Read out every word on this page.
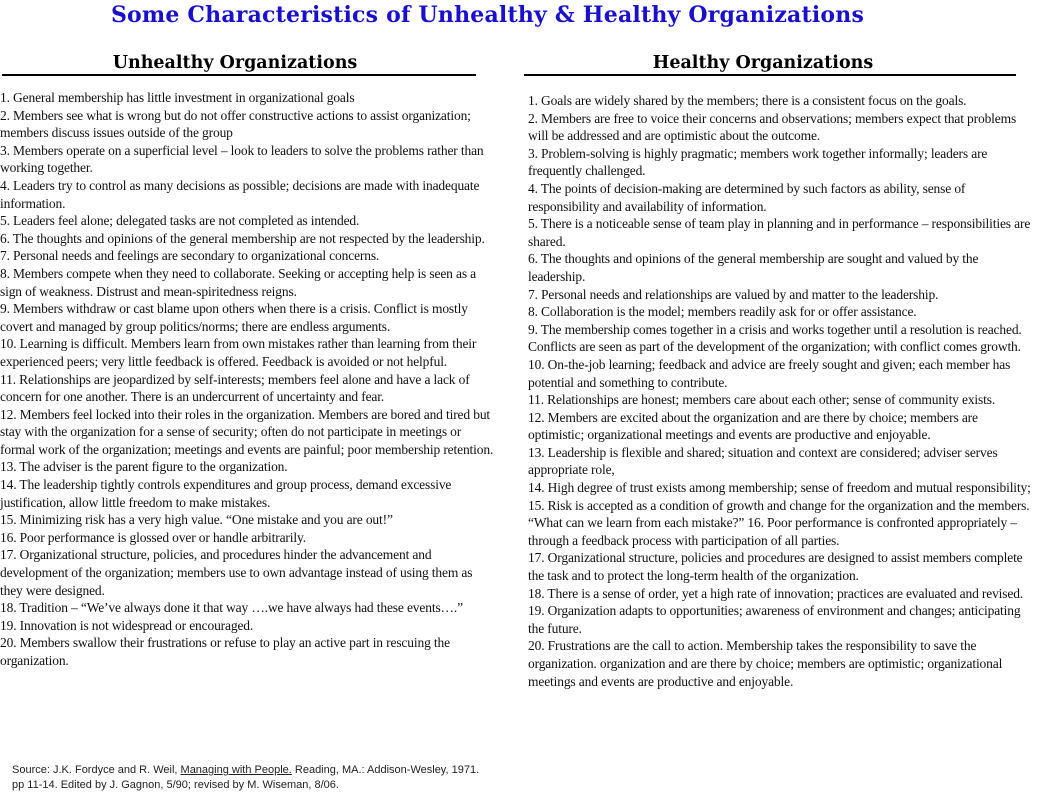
Some Characteristics of Unhealthy & Healthy Organizations
Unhealthy Organizations	Healthy Organizations

1. General membership has little investment in organizational goals

2. Members see what is wrong but do not offer constructive actions to assist organization; members discuss issues outside of the group

3. Members operate on a superficial level – look to leaders to solve the problems rather than working together.

4. Leaders try to control as many decisions as possible; decisions are made with inadequate information.

5. Leaders feel alone; delegated tasks are not completed as intended.

6. The thoughts and opinions of the general membership are not respected by the leadership.

7. Personal needs and feelings are secondary to organizational concerns.

8. Members compete when they need to collaborate. Seeking or accepting help is seen as a sign of weakness. Distrust and mean-spiritedness reigns.

9. Members withdraw or cast blame upon others when there is a crisis. Conflict is mostly covert and managed by group politics/norms; there are endless arguments.

10. Learning is difficult. Members learn from own mistakes rather than learning from their experienced peers; very little feedback is offered. Feedback is avoided or not helpful.

11. Relationships are jeopardized by self-interests; members feel alone and have a lack of concern for one another. There is an undercurrent of uncertainty and fear.

12. Members feel locked into their roles in the organization. Members are bored and tired but stay with the organization for a sense of security; often do not participate in meetings or formal work of the organization; meetings and events are painful; poor membership retention.

13. The adviser is the parent figure to the organization.

14. The leadership tightly controls expenditures and group process, demand excessive justification, allow little freedom to make mistakes.

15. Minimizing risk has a very high value. “One mistake and you are out!”

16. Poor performance is glossed over or handle arbitrarily.

17. Organizational structure, policies, and procedures hinder the advancement and development of the organization; members use to own advantage instead of using them as they were designed.

18. Tradition – “We’ve always done it that way ….we have always had these events….”

19. Innovation is not widespread or encouraged.

20. Members swallow their frustrations or refuse to play an active part in rescuing the organization.

1. Goals are widely shared by the members; there is a consistent focus on the goals.

2. Members are free to voice their concerns and observations; members expect that problems will be addressed and are optimistic about the outcome.

3. Problem-solving is highly pragmatic; members work together informally; leaders are frequently challenged.

4. The points of decision-making are determined by such factors as ability, sense of responsibility and availability of information.

5. There is a noticeable sense of team play in planning and in performance – responsibilities are shared.

6. The thoughts and opinions of the general membership are sought and valued by the leadership.

7. Personal needs and relationships are valued by and matter to the leadership.

8. Collaboration is the model; members readily ask for or offer assistance.

9. The membership comes together in a crisis and works together until a resolution is reached. Conflicts are seen as part of the development of the organization; with conflict comes growth.

10. On-the-job learning; feedback and advice are freely sought and given; each member has potential and something to contribute.

11. Relationships are honest; members care about each other; sense of community exists.

12. Members are excited about the organization and are there by choice; members are optimistic; organizational meetings and events are productive and enjoyable.

13. Leadership is flexible and shared; situation and context are considered; adviser serves appropriate role,

14. High degree of trust exists among membership; sense of freedom and mutual responsibility;

15. Risk is accepted as a condition of growth and change for the organization and the members. “What can we learn from each mistake?” 16. Poor performance is confronted appropriately – through a feedback process with participation of all parties.

17. Organizational structure, policies and procedures are designed to assist members complete the task and to protect the long-term health of the organization.

18. There is a sense of order, yet a high rate of innovation; practices are evaluated and revised.

19. Organization adapts to opportunities; awareness of environment and changes; anticipating the future.

20. Frustrations are the call to action. Membership takes the responsibility to save the organization. organization and are there by choice; members are optimistic; organizational meetings and events are productive and enjoyable.

Source: J.K. Fordyce and R. Weil, Managing with People. Reading, MA.: Addison-Wesley, 1971. pp 11-14. Edited by J. Gagnon, 5/90; revised by M. Wiseman, 8/06.
